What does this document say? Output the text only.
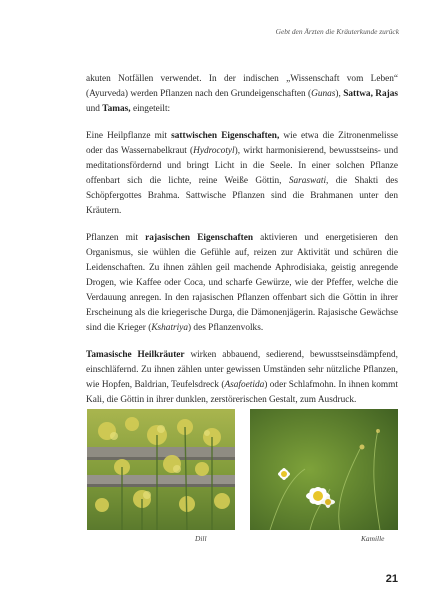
Gebt den Ärzten die Kräuterkunde zurück

akuten Notfällen verwendet. In der indischen „Wissenschaft vom Leben“ (Ayurveda) werden Pflanzen nach den Grundeigenschaften (Gunas), Sattwa, Rajas und Tamas, eingeteilt:

Eine Heilpflanze mit sattwischen Eigenschaften, wie etwa die Zitronenmelisse oder das Wassernabelkraut (Hydrocotyl), wirkt harmonisierend, bewusstseins- und meditationsfördernd und bringt Licht in die Seele. In einer solchen Pflanze offenbart sich die lichte, reine Weiße Göttin, Saraswati, die Shakti des Schöpfergottes Brahma. Sattwische Pflanzen sind die Brahmanen unter den Kräutern.

Pflanzen mit rajasischen Eigenschaften aktivieren und energetisieren den Organismus, sie wühlen die Gefühle auf, reizen zur Aktivität und schüren die Leidenschaften. Zu ihnen zählen geil machende Aphrodisiaka, geistig anregende Drogen, wie Kaffee oder Coca, und scharfe Gewürze, wie der Pfeffer, welche die Verdauung anregen. In den rajasischen Pflanzen offenbart sich die Göttin in ihrer Erscheinung als die kriegerische Durga, die Dämonenjägerin. Rajasische Gewächse sind die Krieger (Kshatriya) des Pflanzenvolks.

Tamasische Heilkräuter wirken abbauend, sedierend, bewusstseinsdämpfend, einschläfernd. Zu ihnen zählen unter gewissen Umständen sehr nützliche Pflanzen, wie Hopfen, Baldrian, Teufelsdreck (Asafoetida) oder Schlafmohn. In ihnen kommt Kali, die Göttin in ihrer dunklen, zerstörerischen Gestalt, zum Ausdruck.

Dill	Kamille
21
